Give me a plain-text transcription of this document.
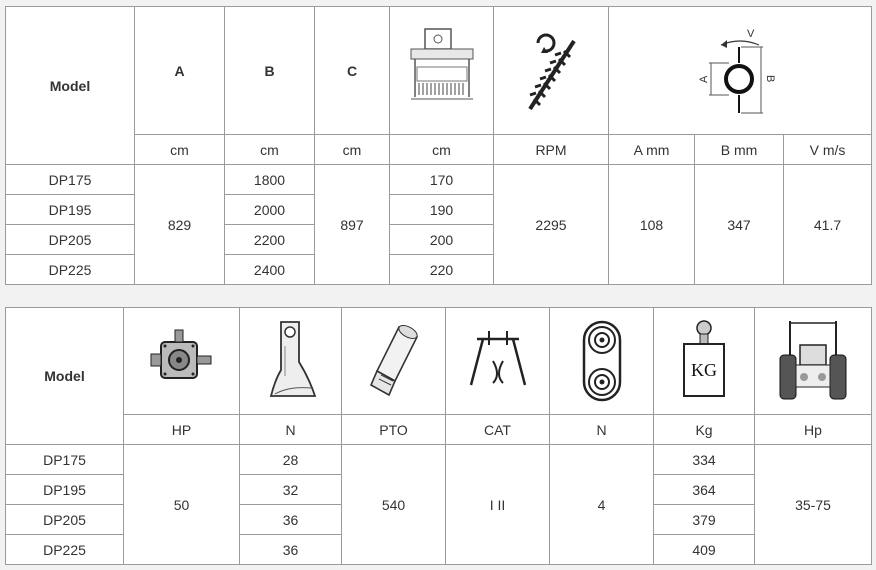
Model	A	B	C			V
A B		

	cm	cm	cm	cm	RPM	A mm	B mm	V m/s
DP175	829	1800	897	170	2295	108	347	41.7
DP195		2000		190				
DP205		2200		200				
DP225		2400		220				
Model						KG

	HP	N	PTO	CAT	N	Kg	Hp
DP175	50	28	540	I II	4	334	35-75
DP195		32				364	
DP205		36				379	
DP225		36				409	
